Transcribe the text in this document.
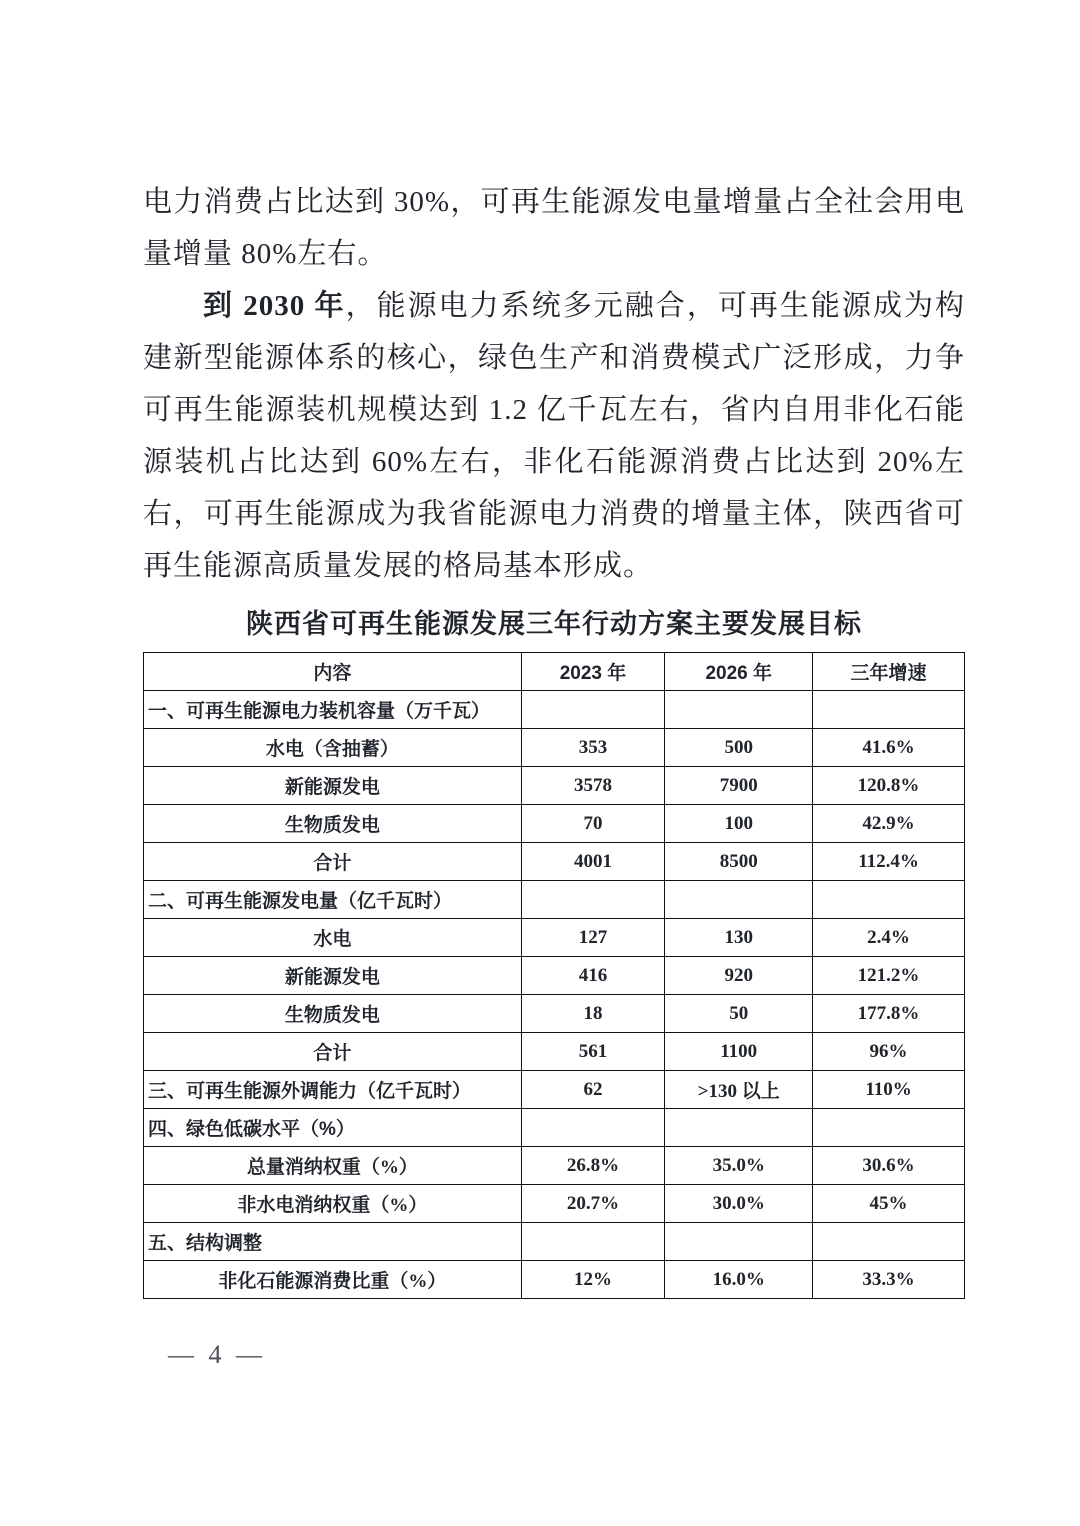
电力消费占比达到 30%，可再生能源发电量增量占全社会用电量增量 80%左右。

到 2030 年，能源电力系统多元融合，可再生能源成为构建新型能源体系的核心，绿色生产和消费模式广泛形成，力争可再生能源装机规模达到 1.2 亿千瓦左右，省内自用非化石能源装机占比达到 60%左右，非化石能源消费占比达到 20%左右，可再生能源成为我省能源电力消费的增量主体，陕西省可再生能源高质量发展的格局基本形成。

陕西省可再生能源发展三年行动方案主要发展目标
内容	2023 年	2026 年	三年增速
一、可再生能源电力装机容量（万千瓦）			
水电（含抽蓄）	353	500	41.6%
新能源发电	3578	7900	120.8%
生物质发电	70	100	42.9%
合计	4001	8500	112.4%
二、可再生能源发电量（亿千瓦时）			
水电	127	130	2.4%
新能源发电	416	920	121.2%
生物质发电	18	50	177.8%
合计	561	1100	96%
三、可再生能源外调能力（亿千瓦时）	62	>130 以上	110%
四、绿色低碳水平（%）			
总量消纳权重（%）	26.8%	35.0%	30.6%
非水电消纳权重（%）	20.7%	30.0%	45%
五、结构调整			
非化石能源消费比重（%）	12%	16.0%	33.3%
— 4 —
